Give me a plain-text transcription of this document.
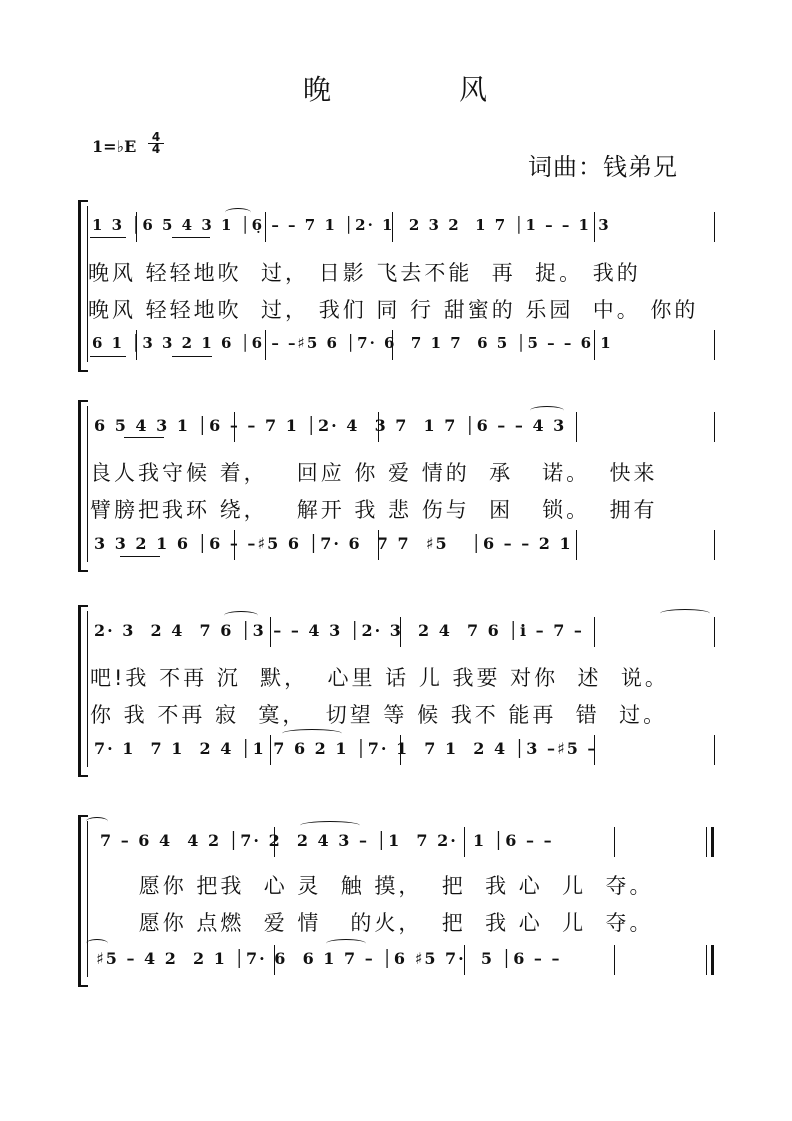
晚	风
1=♭E $\frac{4}{4}$
词曲：钱弟兄
1 3 │6 5 4 3 1 │6̣ – – 7 1 │2· 1  2 3 2  1 7 │1 – – 1 3
晚风 轻轻地吹  过， 日影 飞去不能  再  捉。 我的
晚风 轻轻地吹  过， 我们 同 行 甜蜜的 乐园  中。 你的
6 1 │3 3 2 1 6 │6 – –♯5 6 │7· 6  7 1 7  6 5 │5 – – 6 1
6 5 4 3 1 │6 – – 7 1 │2· 4  3 7  1 7 │6 – – 4 3
良人我守候 着，   回应 你 爱 情的  承   诺。  快来
臂膀把我环 绕，   解开 我 悲 伤与  困   锁。  拥有
3 3 2 1 6 │6 – –♯5 6 │7· 6  7 7  ♯5   │6 – – 2 1
2· 3  2 4  7 6 │3 – – 4 3 │2· 3  2 4  7 6 │i – 7 –
吧!我 不再 沉  默，  心里 话 儿 我要 对你  述  说。
你 我 不再 寂  寞，  切望 等 候 我不 能再  错  过。
7· 1  7 1  2 4 │1 7 6 2 1 │7· 1  7 1  2 4 │3 –♯5 –
7 – 6 4  4 2 │7· 2  2 4 3 – │1  7 2·  1 │6 – –
愿你 把我  心 灵  触 摸，  把  我 心  儿  夺。
愿你 点燃  爱 情   的火，  把  我 心  儿  夺。
♯5 – 4 2  2 1 │7· 6  6 1 7 – │6 ♯5 7·  5 │6 – –
